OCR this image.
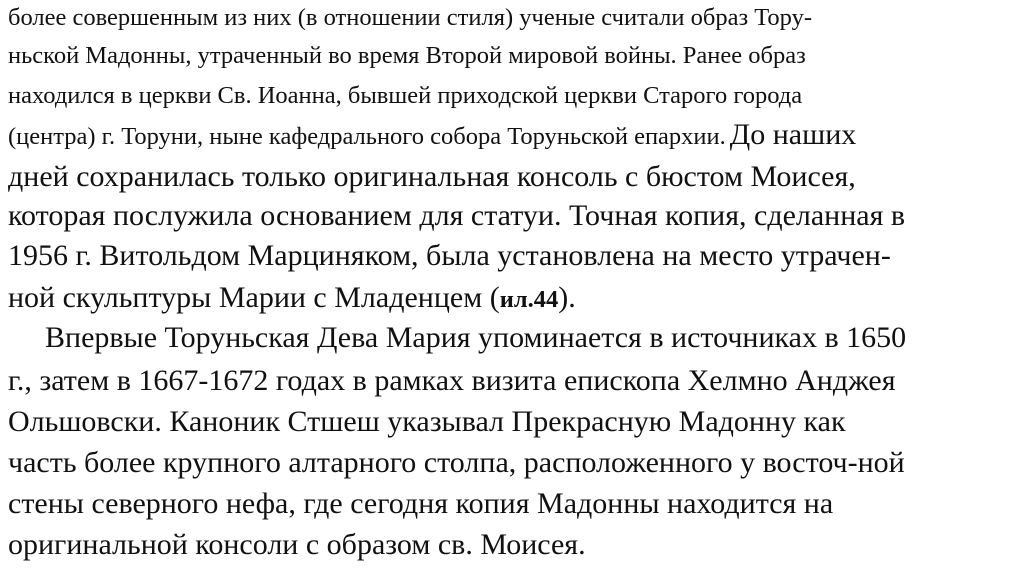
более совершенным из них (в отношении стиля) ученые считали образ Тору-
ньской Мадонны, утраченный во время Второй мировой войны. Ранее образ
находился в церкви Св. Иоанна, бывшей приходской церкви Старого города
(центра) г. Торуни, ныне кафедрального собора Торуньской епархии. До наших
дней сохранилась только оригинальная консоль с бюстом Моисея,
которая послужила основанием для статуи. Точная копия, сделанная в
1956 г. Витольдом Марциняком, была установлена на место утрачен-
ной скульптуры Марии с Младенцем (ил.44).
Впервые Торуньская Дева Мария упоминается в источниках в 1650
г., затем в 1667-1672 годах в рамках визита епископа Хелмно Анджея
Ольшовски. Каноник Стшеш указывал Прекрасную Мадонну как
часть более крупного алтарного столпа, расположенного у восточ-ной
стены северного нефа, где сегодня копия Мадонны находится на
оригинальной консоли с образом св. Моисея.
